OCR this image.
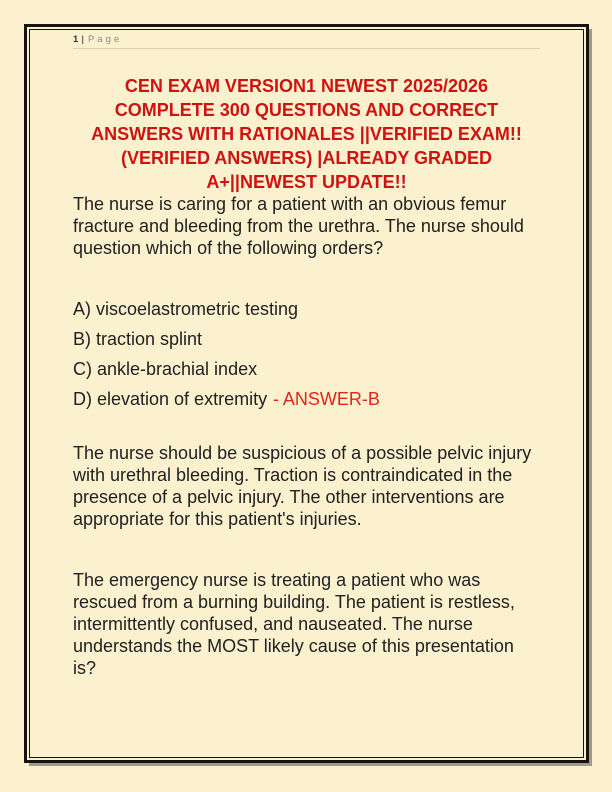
1 | Page
CEN EXAM VERSION1 NEWEST 2025/2026
COMPLETE 300 QUESTIONS AND CORRECT
ANSWERS WITH RATIONALES ||VERIFIED EXAM!!
(VERIFIED ANSWERS) |ALREADY GRADED
A+||NEWEST UPDATE!!

The nurse is caring for a patient with an obvious femur fracture and bleeding from the urethra. The nurse should question which of the following orders?

A) viscoelastrometric testing

B) traction splint

C) ankle-brachial index

D) elevation of extremity - ANSWER-B

The nurse should be suspicious of a possible pelvic injury with urethral bleeding. Traction is contraindicated in the presence of a pelvic injury. The other interventions are appropriate for this patient's injuries.

The emergency nurse is treating a patient who was rescued from a burning building. The patient is restless, intermittently confused, and nauseated. The nurse understands the MOST likely cause of this presentation is?
